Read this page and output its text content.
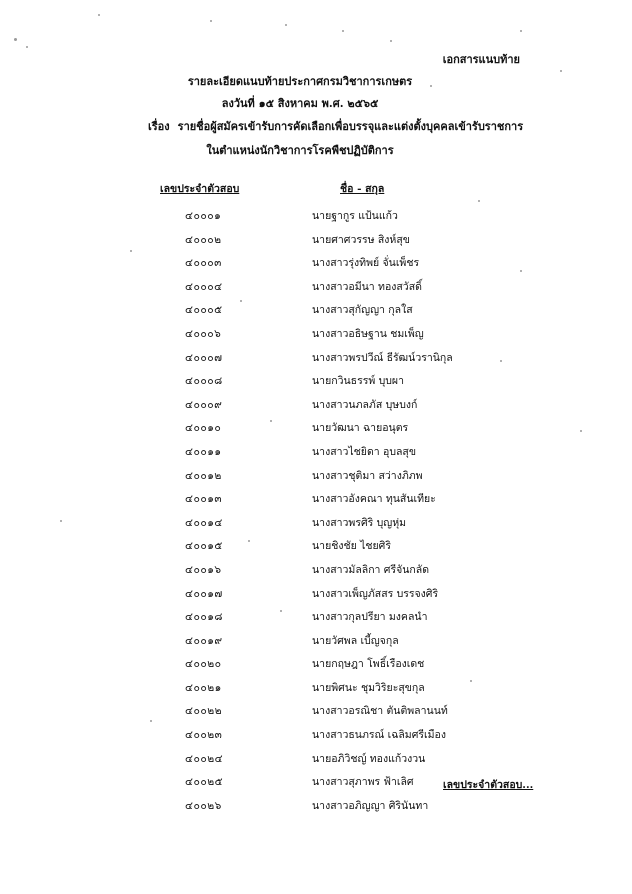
เอกสารแนบท้าย
รายละเอียดแนบท้ายประกาศกรมวิชาการเกษตร
ลงวันที่ ๑๕ สิงหาคม พ.ศ. ๒๕๖๕
เรื่อง รายชื่อผู้สมัครเข้ารับการคัดเลือกเพื่อบรรจุและแต่งตั้งบุคคลเข้ารับราชการ
ในตำแหน่งนักวิชาการโรคพืชปฏิบัติการ
เลขประจำตัวสอบ	ชื่อ - สกุล
๔๐๐๐๑	นายฐากูร แป้นแก้ว
๔๐๐๐๒	นายศาศวรรษ สิงห์สุข
๔๐๐๐๓	นางสาวรุ่งทิพย์ จั่นเพ็ชร
๔๐๐๐๔	นางสาวอมีนา ทองสวัสดิ์
๔๐๐๐๕	นางสาวสุกัญญา กุลใส
๔๐๐๐๖	นางสาวอธิษฐาน ชมเพ็ญ
๔๐๐๐๗	นางสาวพรปวีณ์ ธีรัฒน์วรานิกุล
๔๐๐๐๘	นายกวินธรรพ์ บุบผา
๔๐๐๐๙	นางสาวนภลภัส บุษบงก์
๔๐๐๑๐	นายวัฒนา ฉายอนุตร
๔๐๐๑๑	นางสาวไชยิดา อุบลสุข
๔๐๐๑๒	นางสาวชุติมา สว่างภิภพ
๔๐๐๑๓	นางสาวอังคณา ทุนสันเทียะ
๔๐๐๑๔	นางสาวพรศิริ บุญหุ่ม
๔๐๐๑๕	นายชิงชัย ไชยศิริ
๔๐๐๑๖	นางสาวมัลลิกา ศรีจันกลัด
๔๐๐๑๗	นางสาวเพ็ญภัสสร บรรจงศิริ
๔๐๐๑๘	นางสาวกุลปรียา มงคลนำ
๔๐๐๑๙	นายวัศพล เบี้ญจกุล
๔๐๐๒๐	นายกฤษฎา โพธิ์เรืองเดช
๔๐๐๒๑	นายพิศนะ ชุมวิริยะสุขกุล
๔๐๐๒๒	นางสาวอรณิชา ตันติพลานนท์
๔๐๐๒๓	นางสาวธนภรณ์ เฉลิมศรีเมือง
๔๐๐๒๔	นายอภิวิชญ์ ทองแก้วงวน
๔๐๐๒๕	นางสาวสุภาพร ฟ้าเลิศ
๔๐๐๒๖	นางสาวอภิญญา ศิรินันทา
เลขประจำตัวสอบ...
